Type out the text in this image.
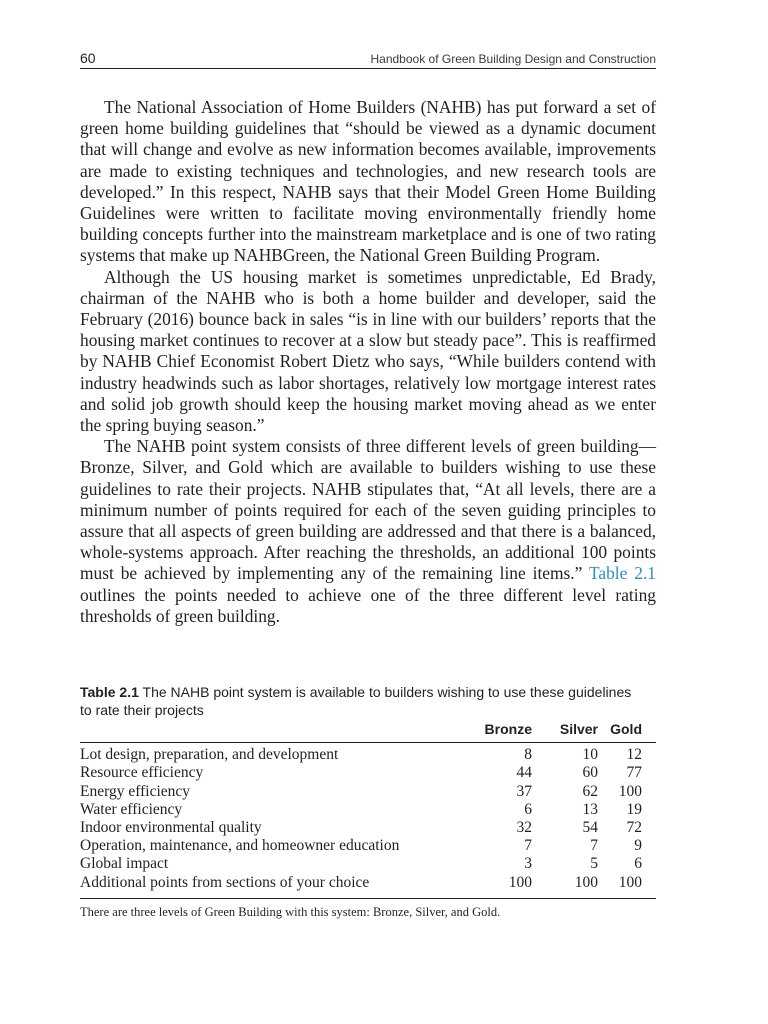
60	Handbook of Green Building Design and Construction

The National Association of Home Builders (NAHB) has put forward a set of green home building guidelines that “should be viewed as a dynamic document that will change and evolve as new information becomes available, improvements are made to existing techniques and technologies, and new research tools are developed.” In this respect, NAHB says that their Model Green Home Building Guidelines were written to facilitate moving environmentally friendly home building concepts further into the mainstream marketplace and is one of two rating systems that make up NAHBGreen, the National Green Building Program.

Although the US housing market is sometimes unpredictable, Ed Brady, chairman of the NAHB who is both a home builder and developer, said the February (2016) bounce back in sales “is in line with our builders’ reports that the housing market continues to recover at a slow but steady pace”. This is reaffirmed by NAHB Chief Economist Robert Dietz who says, “While builders contend with industry headwinds such as labor shortages, relatively low mortgage interest rates and solid job growth should keep the housing market moving ahead as we enter the spring buying season.”

The NAHB point system consists of three different levels of green building—Bronze, Silver, and Gold which are available to builders wishing to use these guidelines to rate their projects. NAHB stipulates that, “At all levels, there are a minimum number of points required for each of the seven guiding principles to assure that all aspects of green building are addressed and that there is a balanced, whole-systems approach. After reaching the thresholds, an additional 100 points must be achieved by implementing any of the remaining line items.” Table 2.1 outlines the points needed to achieve one of the three different level rating thresholds of green building.

Table 2.1 The NAHB point system is available to builders wishing to use these guidelines to rate their projects
	Bronze	Silver	Gold
Lot design, preparation, and development	8	10	12
Resource efficiency	44	60	77
Energy efficiency	37	62	100
Water efficiency	6	13	19
Indoor environmental quality	32	54	72
Operation, maintenance, and homeowner education	7	7	9
Global impact	3	5	6
Additional points from sections of your choice	100	100	100
There are three levels of Green Building with this system: Bronze, Silver, and Gold.
